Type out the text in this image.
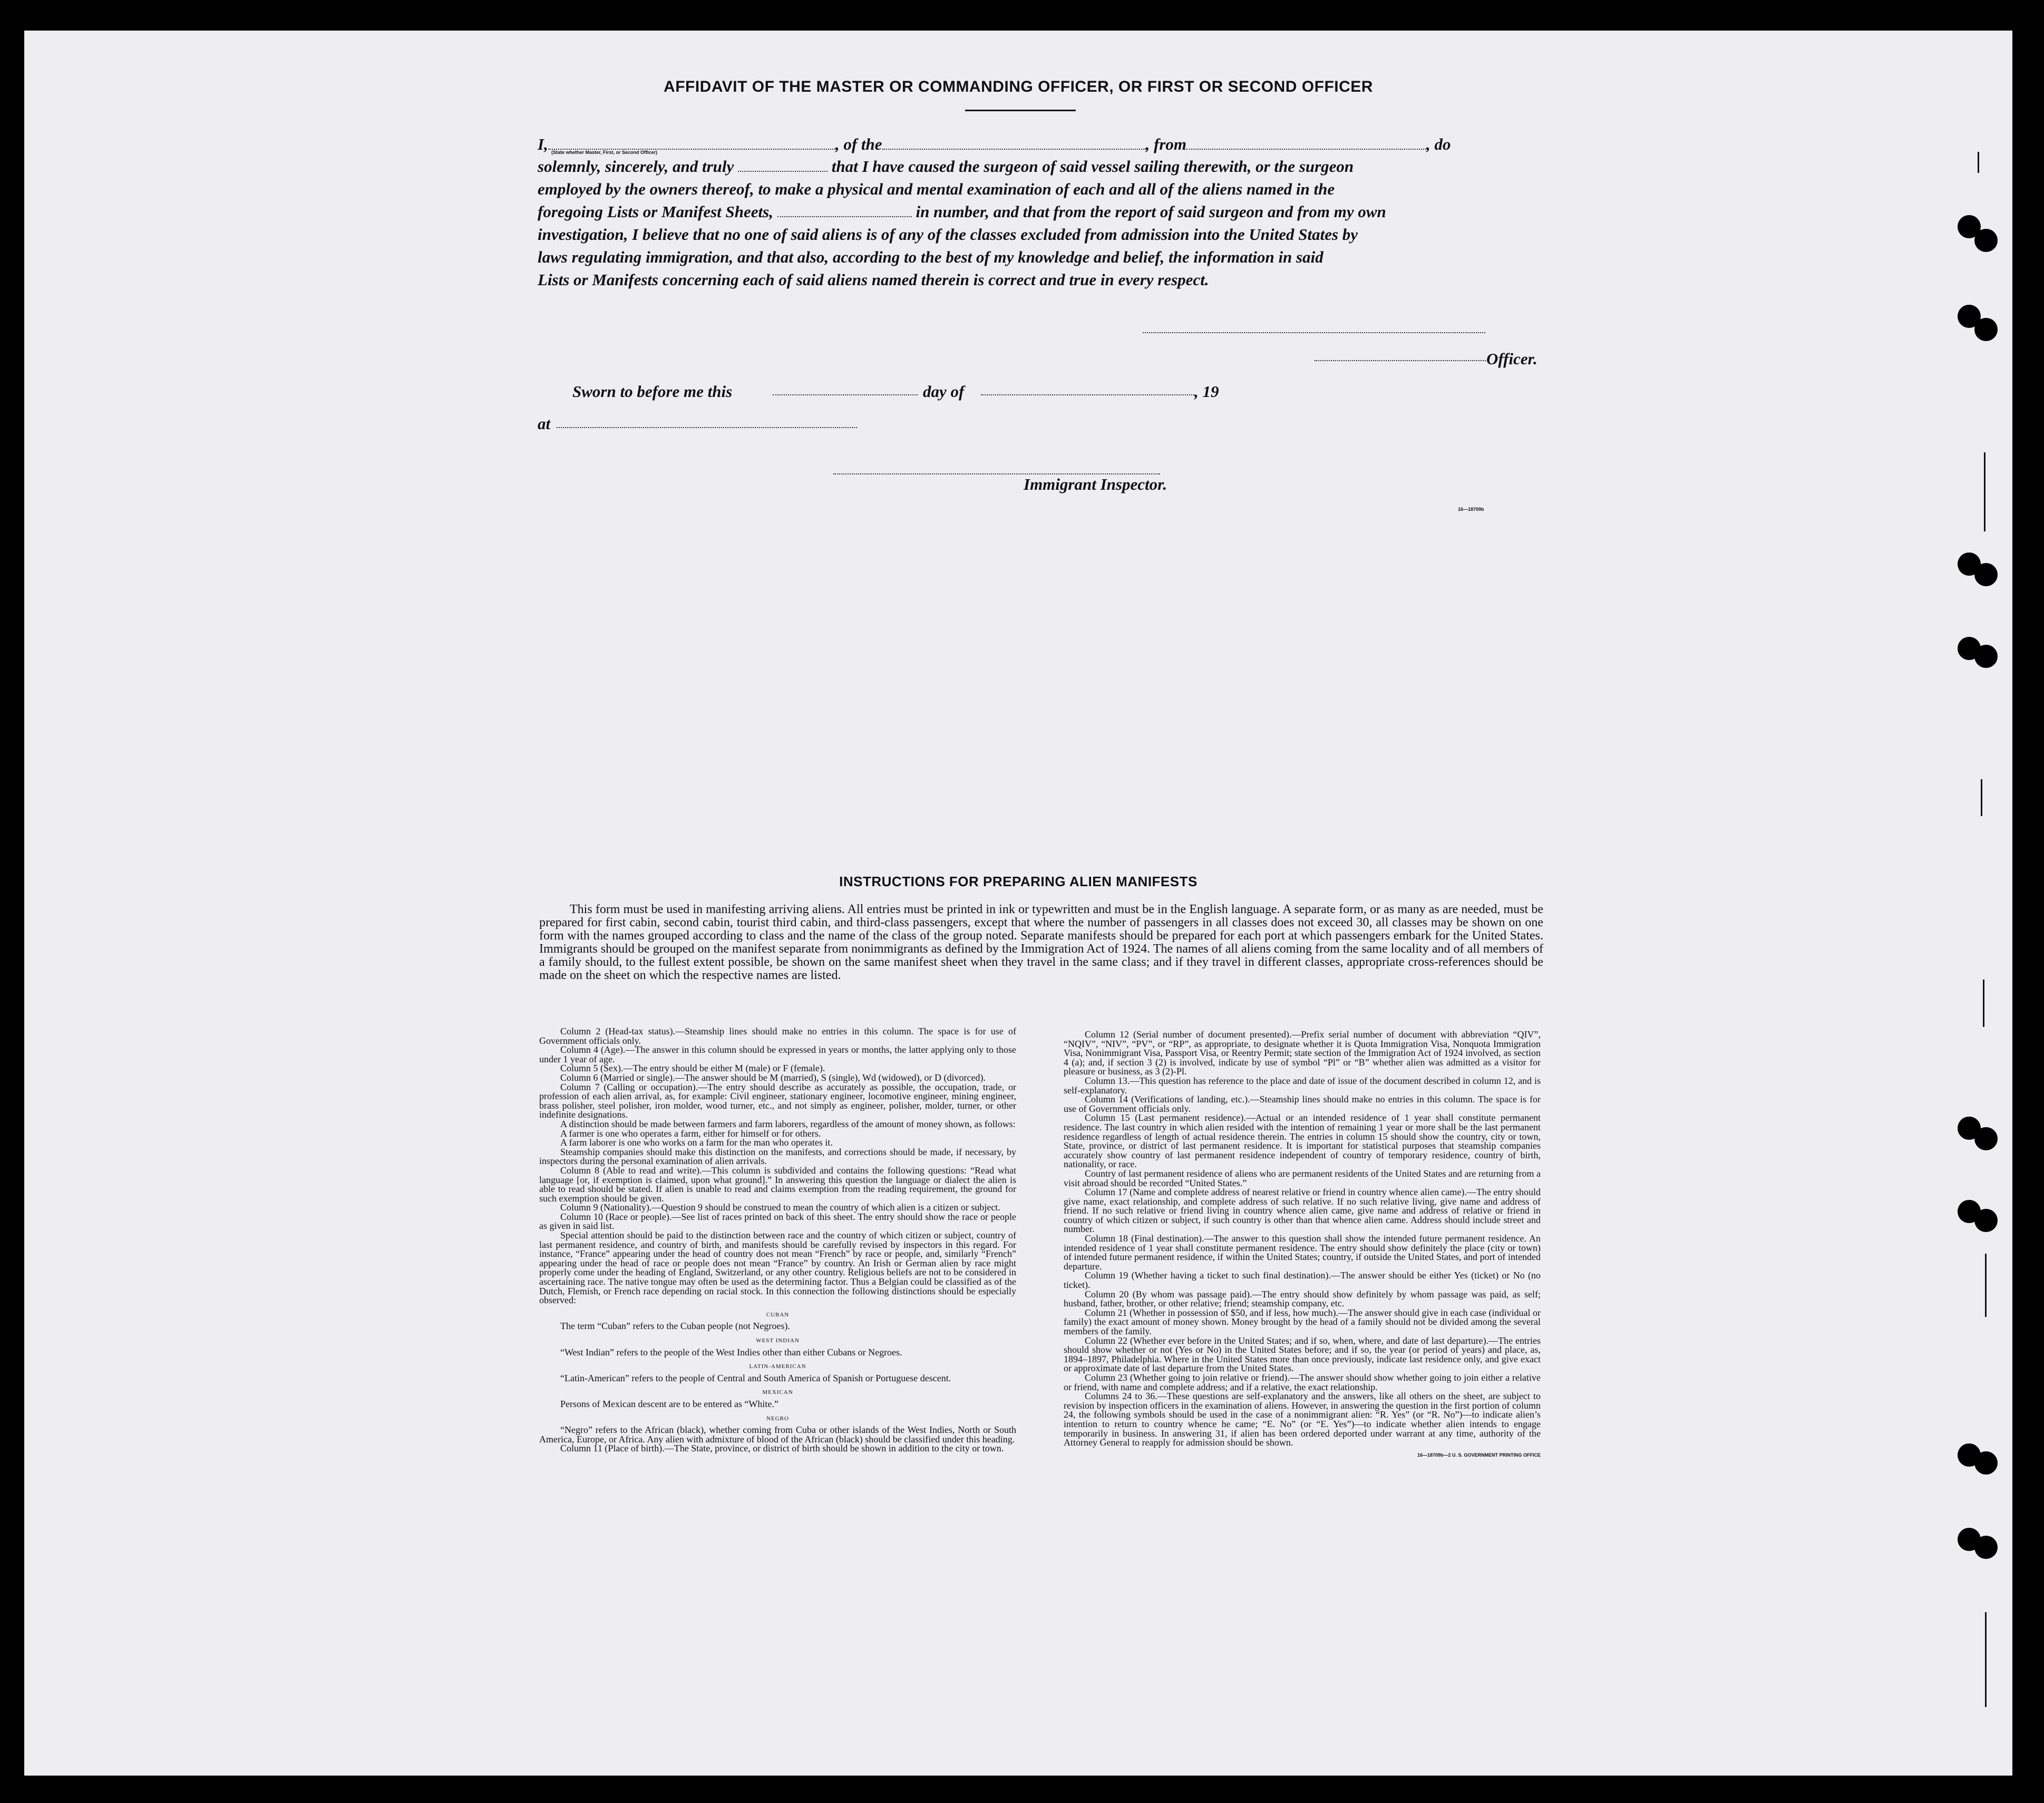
AFFIDAVIT OF THE MASTER OR COMMANDING OFFICER, OR FIRST OR SECOND OFFICER
I,	, of the	, from	, do
(State whether Master, First, or Second Officer)
solemnly, sincerely, and truly	that I have caused the surgeon of said vessel sailing therewith, or the surgeon
employed by the owners thereof, to make a physical and mental examination of each and all of the aliens named in the
foregoing Lists or Manifest Sheets,	in number, and that from the report of said surgeon and from my own
investigation, I believe that no one of said aliens is of any of the classes excluded from admission into the United States by
laws regulating immigration, and that also, according to the best of my knowledge and belief, the information in said
Lists or Manifests concerning each of said aliens named therein is correct and true in every respect.
Officer.
Sworn to before me this	day of	, 19
at
Immigrant Inspector.
16—18709b
INSTRUCTIONS FOR PREPARING ALIEN MANIFESTS

This form must be used in manifesting arriving aliens. All entries must be printed in ink or typewritten and must be in the English language. A separate form, or as many as are needed, must be prepared for first cabin, second cabin, tourist third cabin, and third-class passengers, except that where the number of passengers in all classes does not exceed 30, all classes may be shown on one form with the names grouped according to class and the name of the class of the group noted. Separate manifests should be prepared for each port at which passengers embark for the United States. Immigrants should be grouped on the manifest separate from nonimmigrants as defined by the Immigration Act of 1924. The names of all aliens coming from the same locality and of all members of a family should, to the fullest extent possible, be shown on the same manifest sheet when they travel in the same class; and if they travel in different classes, appropriate cross-references should be made on the sheet on which the respective names are listed.

Column 2 (Head-tax status).—Steamship lines should make no entries in this column. The space is for use of Government officials only.

Column 4 (Age).—The answer in this column should be expressed in years or months, the latter applying only to those under 1 year of age.

Column 5 (Sex).—The entry should be either M (male) or F (female).

Column 6 (Married or single).—The answer should be M (married), S (single), Wd (widowed), or D (divorced).

Column 7 (Calling or occupation).—The entry should describe as accurately as possible, the occupation, trade, or profession of each alien arrival, as, for example: Civil engineer, stationary engineer, locomotive engineer, mining engineer, brass polisher, steel polisher, iron molder, wood turner, etc., and not simply as engineer, polisher, molder, turner, or other indefinite designations.

A distinction should be made between farmers and farm laborers, regardless of the amount of money shown, as follows:

A farmer is one who operates a farm, either for himself or for others.

A farm laborer is one who works on a farm for the man who operates it.

Steamship companies should make this distinction on the manifests, and corrections should be made, if necessary, by inspectors during the personal examination of alien arrivals.

Column 8 (Able to read and write).—This column is subdivided and contains the following questions: “Read what language [or, if exemption is claimed, upon what ground].” In answering this question the language or dialect the alien is able to read should be stated. If alien is unable to read and claims exemption from the reading requirement, the ground for such exemption should be given.

Column 9 (Nationality).—Question 9 should be construed to mean the country of which alien is a citizen or subject.

Column 10 (Race or people).—See list of races printed on back of this sheet. The entry should show the race or people as given in said list.

Special attention should be paid to the distinction between race and the country of which citizen or subject, country of last permanent residence, and country of birth, and manifests should be carefully revised by inspectors in this regard. For instance, “France” appearing under the head of country does not mean “French” by race or people, and, similarly “French” appearing under the head of race or people does not mean “France” by country. An Irish or German alien by race might properly come under the heading of England, Switzerland, or any other country. Religious beliefs are not to be considered in ascertaining race. The native tongue may often be used as the determining factor. Thus a Belgian could be classified as of the Dutch, Flemish, or French race depending on racial stock. In this connection the following distinctions should be especially observed:

CUBAN

The term “Cuban” refers to the Cuban people (not Negroes).

WEST INDIAN

“West Indian” refers to the people of the West Indies other than either Cubans or Negroes.

LATIN-AMERICAN

“Latin-American” refers to the people of Central and South America of Spanish or Portuguese descent.

MEXICAN

Persons of Mexican descent are to be entered as “White.”

NEGRO

“Negro” refers to the African (black), whether coming from Cuba or other islands of the West Indies, North or South America, Europe, or Africa. Any alien with admixture of blood of the African (black) should be classified under this heading.

Column 11 (Place of birth).—The State, province, or district of birth should be shown in addition to the city or town.

Column 12 (Serial number of document presented).—Prefix serial number of document with abbreviation “QIV”, “NQIV”, “NIV”, “PV”, or “RP”, as appropriate, to designate whether it is Quota Immigration Visa, Nonquota Immigration Visa, Nonimmigrant Visa, Passport Visa, or Reentry Permit; state section of the Immigration Act of 1924 involved, as section 4 (a); and, if section 3 (2) is involved, indicate by use of symbol “Pl” or “B” whether alien was admitted as a visitor for pleasure or business, as 3 (2)-Pl.

Column 13.—This question has reference to the place and date of issue of the document described in column 12, and is self-explanatory.

Column 14 (Verifications of landing, etc.).—Steamship lines should make no entries in this column. The space is for use of Government officials only.

Column 15 (Last permanent residence).—Actual or an intended residence of 1 year shall constitute permanent residence. The last country in which alien resided with the intention of remaining 1 year or more shall be the last permanent residence regardless of length of actual residence therein. The entries in column 15 should show the country, city or town, State, province, or district of last permanent residence. It is important for statistical purposes that steamship companies accurately show country of last permanent residence independent of country of temporary residence, country of birth, nationality, or race.

Country of last permanent residence of aliens who are permanent residents of the United States and are returning from a visit abroad should be recorded “United States.”

Column 17 (Name and complete address of nearest relative or friend in country whence alien came).—The entry should give name, exact relationship, and complete address of such relative. If no such relative living, give name and address of friend. If no such relative or friend living in country whence alien came, give name and address of relative or friend in country of which citizen or subject, if such country is other than that whence alien came. Address should include street and number.

Column 18 (Final destination).—The answer to this question shall show the intended future permanent residence. An intended residence of 1 year shall constitute permanent residence. The entry should show definitely the place (city or town) of intended future permanent residence, if within the United States; country, if outside the United States, and port of intended departure.

Column 19 (Whether having a ticket to such final destination).—The answer should be either Yes (ticket) or No (no ticket).

Column 20 (By whom was passage paid).—The entry should show definitely by whom passage was paid, as self; husband, father, brother, or other relative; friend; steamship company, etc.

Column 21 (Whether in possession of $50, and if less, how much).—The answer should give in each case (individual or family) the exact amount of money shown. Money brought by the head of a family should not be divided among the several members of the family.

Column 22 (Whether ever before in the United States; and if so, when, where, and date of last departure).—The entries should show whether or not (Yes or No) in the United States before; and if so, the year (or period of years) and place, as, 1894–1897, Philadelphia. Where in the United States more than once previously, indicate last residence only, and give exact or approximate date of last departure from the United States.

Column 23 (Whether going to join relative or friend).—The answer should show whether going to join either a relative or friend, with name and complete address; and if a relative, the exact relationship.

Columns 24 to 36.—These questions are self-explanatory and the answers, like all others on the sheet, are subject to revision by inspection officers in the examination of aliens. However, in answering the question in the first portion of column 24, the following symbols should be used in the case of a nonimmigrant alien: “R. Yes” (or “R. No”)—to indicate alien’s intention to return to country whence he came; “E. No” (or “E. Yes”)—to indicate whether alien intends to engage temporarily in business. In answering 31, if alien has been ordered deported under warrant at any time, authority of the Attorney General to reapply for admission should be shown.

16—18709b—2 U. S. GOVERNMENT PRINTING OFFICE
